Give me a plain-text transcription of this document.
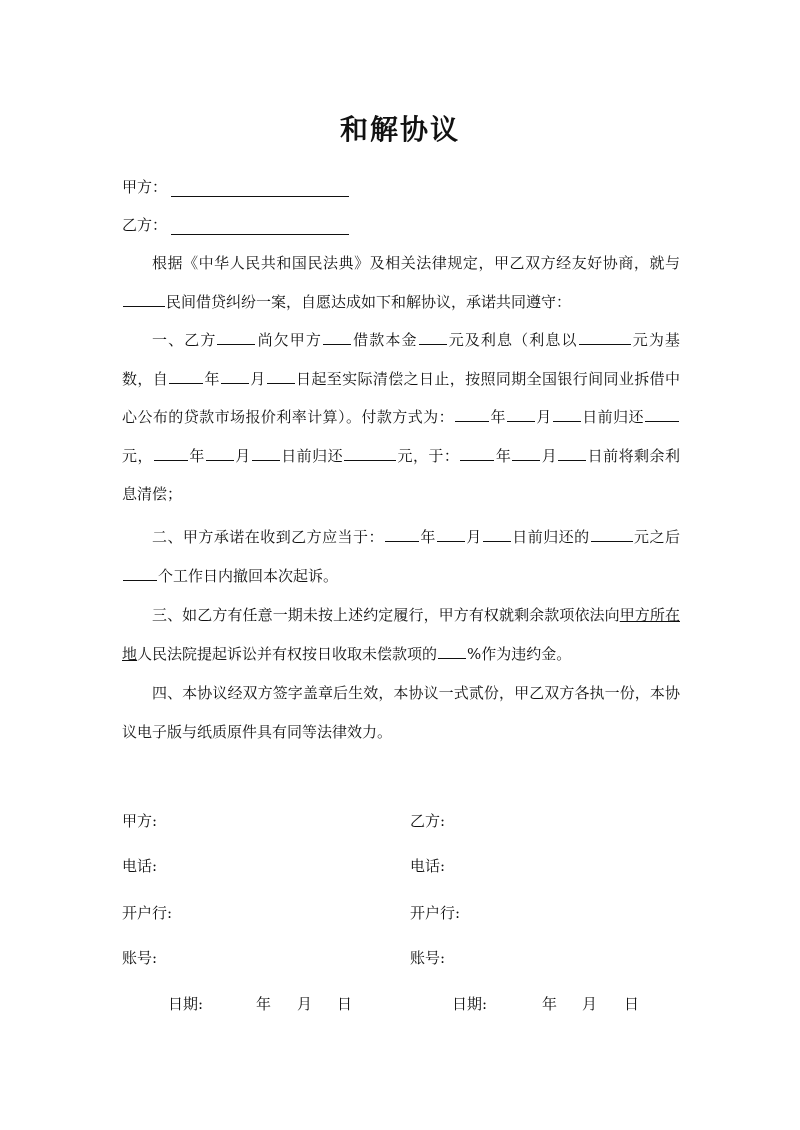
和解协议
甲方：
乙方：

根据《中华人民共和国民法典》及相关法律规定，甲乙双方经友好协商，就与民间借贷纠纷一案，自愿达成如下和解协议，承诺共同遵守：

一、乙方	尚欠甲方 借款本金 元及利息（利息以	元为基数，自 年 月 日起至实际清偿之日止，按照同期全国银行间同业拆借中心公布的贷款市场报价利率计算）。付款方式为： 年 月 日前归还元， 年 月 日前归还	元，于： 年 月 日前将剩余利息清偿；

二、甲方承诺在收到乙方应当于： 年 月 日前归还的	元之后个工作日内撤回本次起诉。

三、如乙方有任意一期未按上述约定履行，甲方有权就剩余款项依法向甲方所在地人民法院提起诉讼并有权按日收取未偿款项的 %作为违约金。

四、本协议经双方签字盖章后生效，本协议一式贰份，甲乙双方各执一份，本协议电子版与纸质原件具有同等法律效力。

甲方:	乙方:
电话:	电话:
开户行:	开户行:
账号:	账号:
日期:	年 月 日	日期:	年 月 日
